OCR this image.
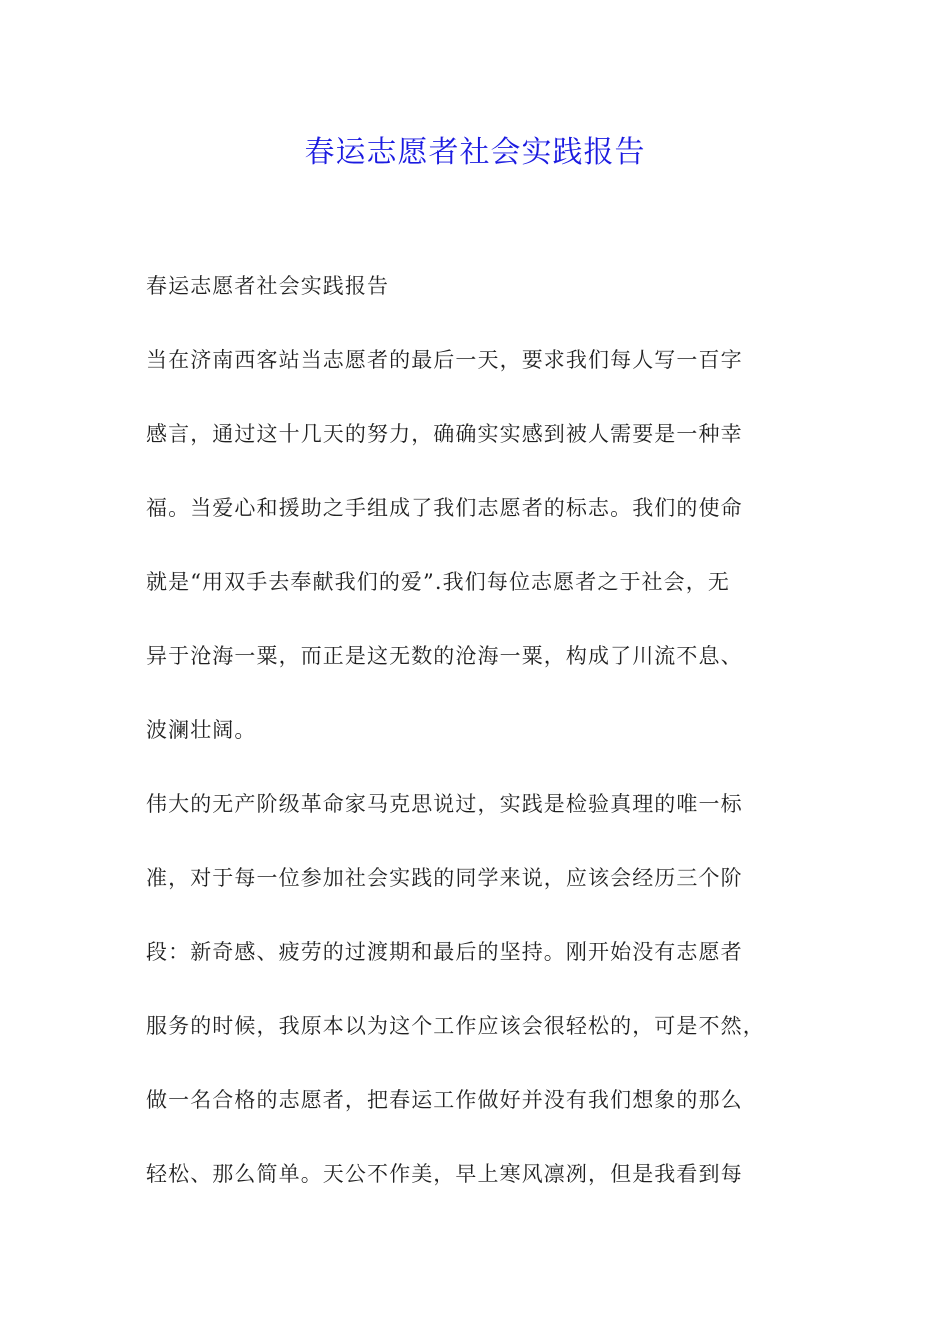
春运志愿者社会实践报告
春运志愿者社会实践报告
当在济南西客站当志愿者的最后一天，要求我们每人写一百字
感言，通过这十几天的努力，确确实实感到被人需要是一种幸
福。当爱心和援助之手组成了我们志愿者的标志。我们的使命
就是“用双手去奉献我们的爱”.我们每位志愿者之于社会，无
异于沧海一粟，而正是这无数的沧海一粟，构成了川流不息、
波澜壮阔。
伟大的无产阶级革命家马克思说过，实践是检验真理的唯一标
准，对于每一位参加社会实践的同学来说，应该会经历三个阶
段：新奇感、疲劳的过渡期和最后的坚持。刚开始没有志愿者
服务的时候，我原本以为这个工作应该会很轻松的，可是不然，
做一名合格的志愿者，把春运工作做好并没有我们想象的那么
轻松、那么简单。天公不作美，早上寒风凛冽，但是我看到每
